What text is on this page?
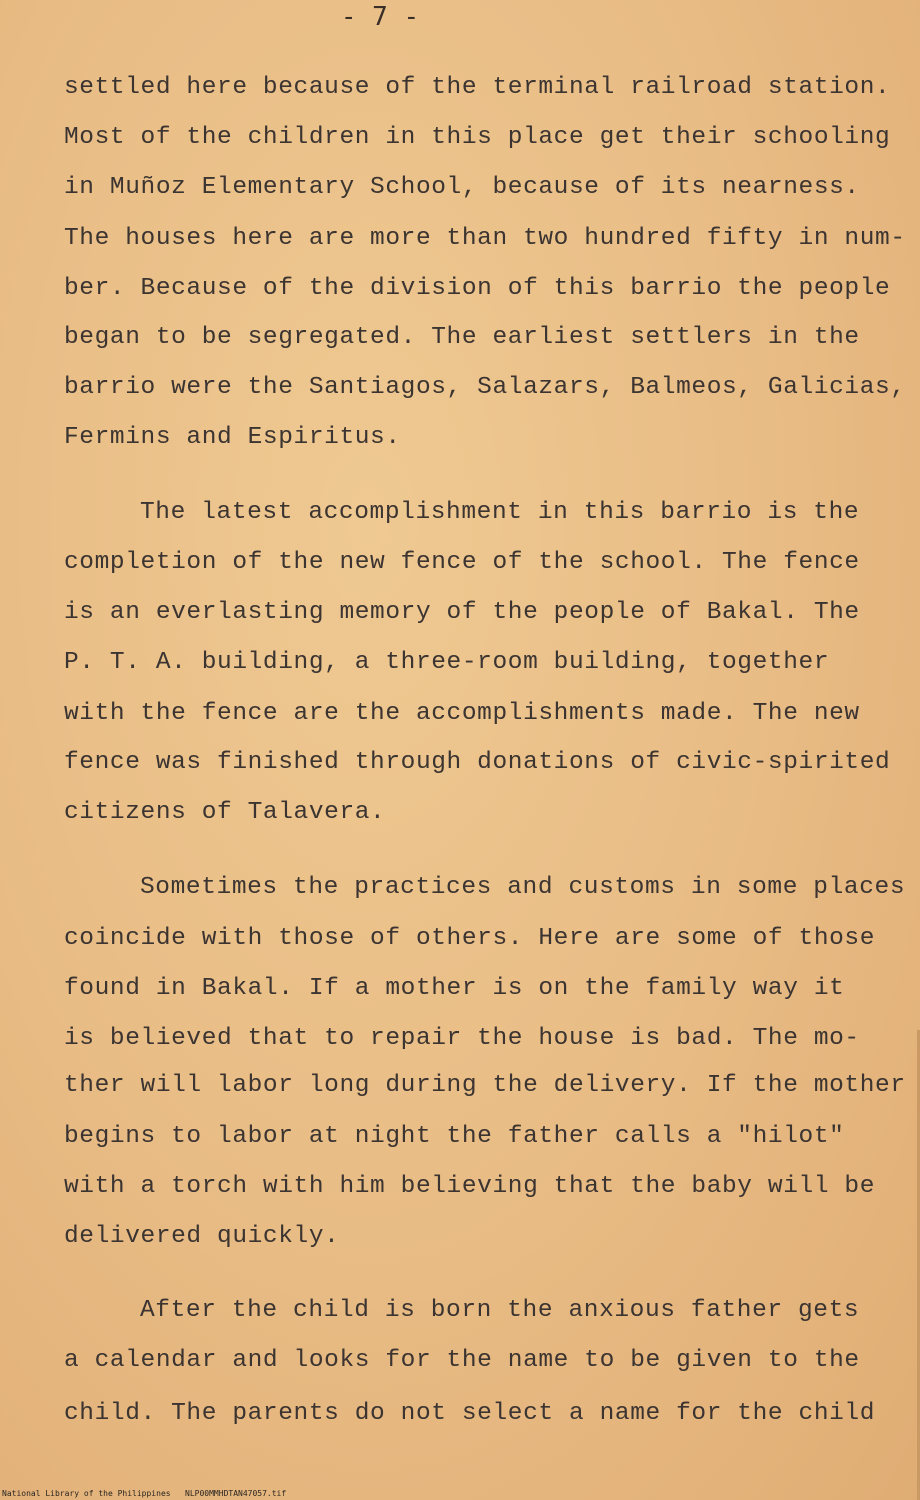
- 7 -
settled here because of the terminal railroad station.
Most of the children in this place get their schooling
in Muñoz Elementary School, because of its nearness.
The houses here are more than two hundred fifty in num-
ber. Because of the division of this barrio the people
began to be segregated. The earliest settlers in the
barrio were the Santiagos, Salazars, Balmeos, Galicias,
Fermins and Espiritus.
The latest accomplishment in this barrio is the
completion of the new fence of the school. The fence
is an everlasting memory of the people of Bakal. The
P. T. A. building, a three-room building, together
with the fence are the accomplishments made. The new
fence was finished through donations of civic-spirited
citizens of Talavera.
Sometimes the practices and customs in some places
coincide with those of others. Here are some of those
found in Bakal. If a mother is on the family way it
is believed that to repair the house is bad. The mo-
ther will labor long during the delivery. If the mother
begins to labor at night the father calls a "hilot"
with a torch with him believing that the baby will be
delivered quickly.
After the child is born the anxious father gets
a calendar and looks for the name to be given to the
child. The parents do not select a name for the child
National Library of the Philippines NLP00MMHDTAN47057.tif
